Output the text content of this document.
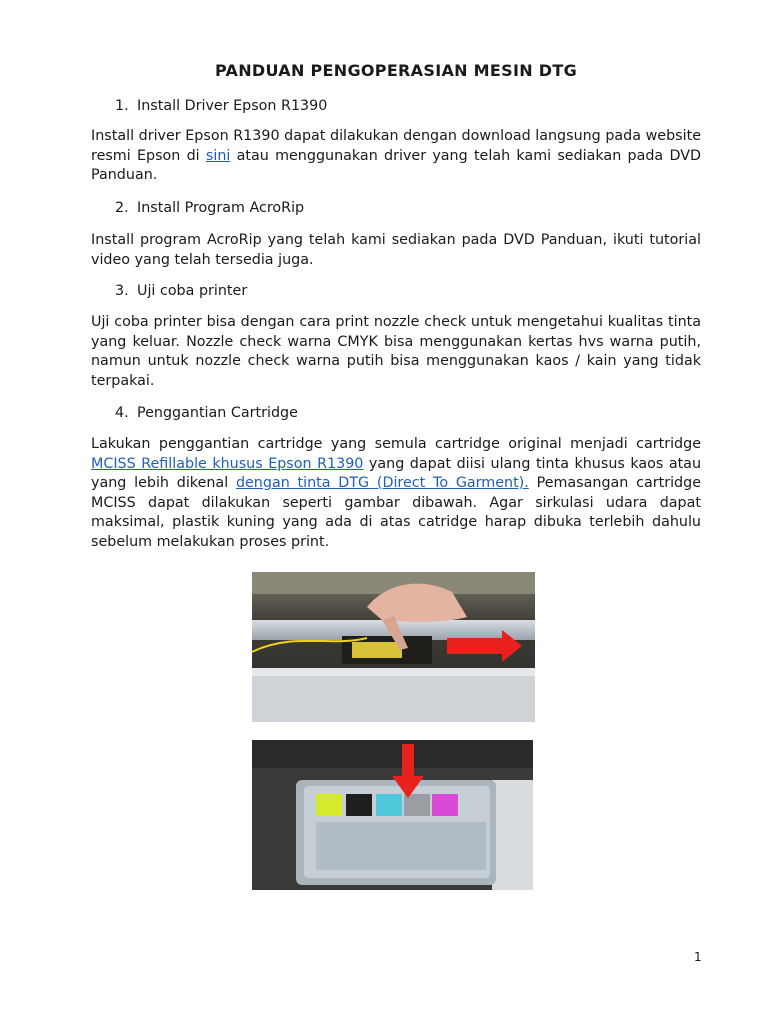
PANDUAN PENGOPERASIAN MESIN DTG
1. Install Driver Epson R1390
Install driver Epson R1390 dapat dilakukan dengan download langsung pada website resmi Epson di sini atau menggunakan driver yang telah kami sediakan pada DVD Panduan.
2. Install Program AcroRip
Install program AcroRip yang telah kami sediakan pada DVD Panduan, ikuti tutorial video yang telah tersedia juga.
3. Uji coba printer
Uji coba printer bisa dengan cara print nozzle check untuk mengetahui kualitas tinta yang keluar. Nozzle check warna CMYK bisa menggunakan kertas hvs warna putih, namun untuk nozzle check warna putih bisa menggunakan kaos / kain yang tidak terpakai.
4. Penggantian Cartridge
Lakukan penggantian cartridge yang semula cartridge original menjadi cartridge MCISS Refillable khusus Epson R1390 yang dapat diisi ulang tinta khusus kaos atau yang lebih dikenal dengan tinta DTG (Direct To Garment). Pemasangan cartridge MCISS dapat dilakukan seperti gambar dibawah. Agar sirkulasi udara dapat maksimal, plastik kuning yang ada di atas catridge harap dibuka terlebih dahulu sebelum melakukan proses print.
1
